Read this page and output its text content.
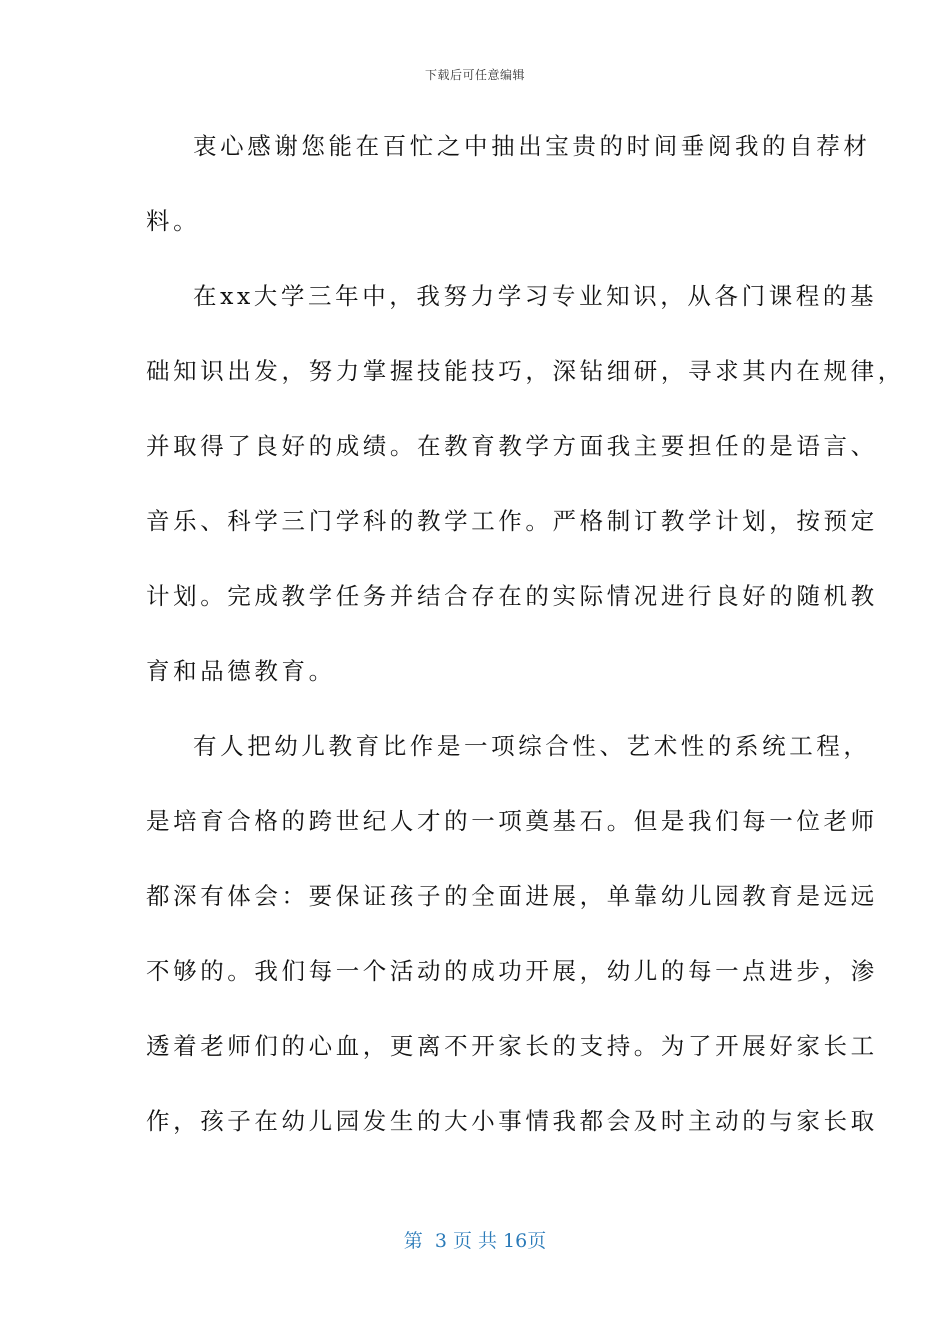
下载后可任意编辑
衷心感谢您能在百忙之中抽出宝贵的时间垂阅我的自荐材
料。
在xx大学三年中，我努力学习专业知识，从各门课程的基
础知识出发，努力掌握技能技巧，深钻细研，寻求其内在规律，
并取得了良好的成绩。在教育教学方面我主要担任的是语言、
音乐、科学三门学科的教学工作。严格制订教学计划，按预定
计划。完成教学任务并结合存在的实际情况进行良好的随机教
育和品德教育。
有人把幼儿教育比作是一项综合性、艺术性的系统工程，
是培育合格的跨世纪人才的一项奠基石。但是我们每一位老师
都深有体会：要保证孩子的全面进展，单靠幼儿园教育是远远
不够的。我们每一个活动的成功开展，幼儿的每一点进步，渗
透着老师们的心血，更离不开家长的支持。为了开展好家长工
作，孩子在幼儿园发生的大小事情我都会及时主动的与家长取
第  3 页 共 16页
